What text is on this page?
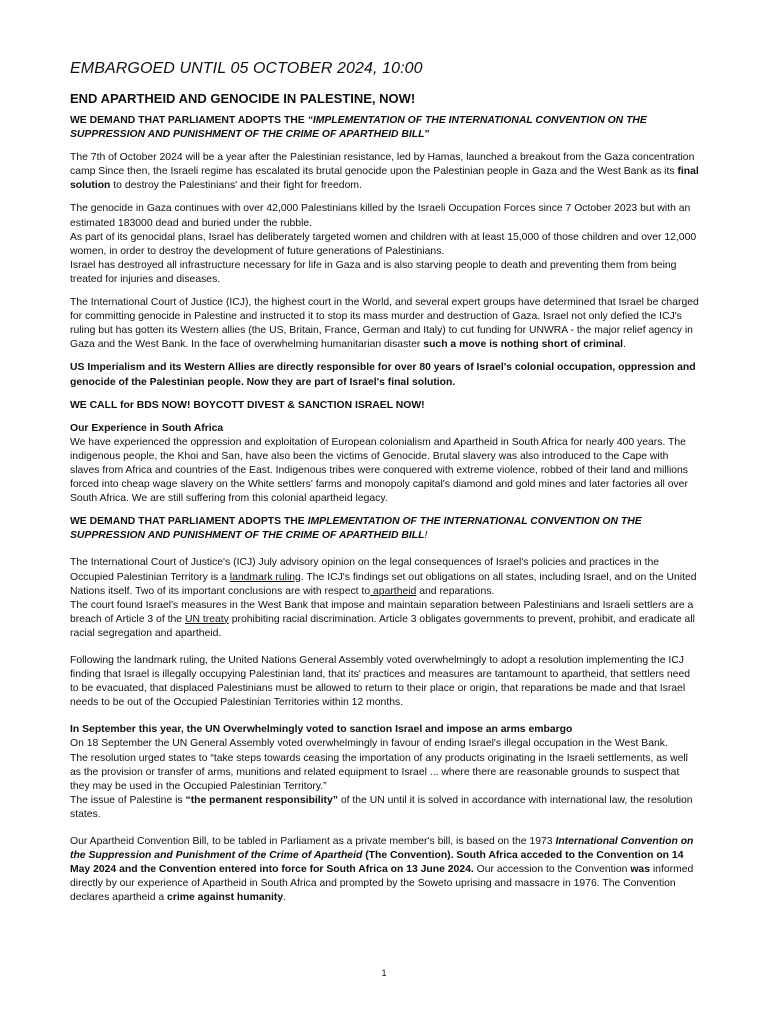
EMBARGOED UNTIL 05 OCTOBER 2024, 10:00
END APARTHEID AND GENOCIDE IN PALESTINE, NOW!

WE DEMAND THAT PARLIAMENT ADOPTS THE “IMPLEMENTATION OF THE INTERNATIONAL CONVENTION ON THE SUPPRESSION AND PUNISHMENT OF THE CRIME OF APARTHEID BILL”

The 7th of October 2024 will be a year after the Palestinian resistance, led by Hamas, launched a breakout from the Gaza concentration camp Since then, the Israeli regime has escalated its brutal genocide upon the Palestinian people in Gaza and the West Bank as its final solution to destroy the Palestinians' and their fight for freedom.

The genocide in Gaza continues with over 42,000 Palestinians killed by the Israeli Occupation Forces since 7 October 2023 but with an estimated 183000 dead and buried under the rubble.
As part of its genocidal plans, Israel has deliberately targeted women and children with at least 15,000 of those children and over 12,000 women, in order to destroy the development of future generations of Palestinians.
Israel has destroyed all infrastructure necessary for life in Gaza and is also starving people to death and preventing them from being treated for injuries and diseases.

The International Court of Justice (ICJ), the highest court in the World, and several expert groups have determined that Israel be charged for committing genocide in Palestine and instructed it to stop its mass murder and destruction of Gaza. Israel not only defied the ICJ's ruling but has gotten its Western allies (the US, Britain, France, German and Italy) to cut funding for UNWRA - the major relief agency in Gaza and the West Bank. In the face of overwhelming humanitarian disaster such a move is nothing short of criminal.

US Imperialism and its Western Allies are directly responsible for over 80 years of Israel's colonial occupation, oppression and genocide of the Palestinian people. Now they are part of Israel's final solution.

WE CALL for BDS NOW! BOYCOTT DIVEST & SANCTION ISRAEL NOW!

Our Experience in South Africa
We have experienced the oppression and exploitation of European colonialism and Apartheid in South Africa for nearly 400 years. The indigenous people, the Khoi and San, have also been the victims of Genocide. Brutal slavery was also introduced to the Cape with slaves from Africa and countries of the East. Indigenous tribes were conquered with extreme violence, robbed of their land and millions forced into cheap wage slavery on the White settlers' farms and monopoly capital's diamond and gold mines and later factories all over South Africa. We are still suffering from this colonial apartheid legacy.

WE DEMAND THAT PARLIAMENT ADOPTS THE IMPLEMENTATION OF THE INTERNATIONAL CONVENTION ON THE SUPPRESSION AND PUNISHMENT OF THE CRIME OF APARTHEID BILL!

The International Court of Justice's (ICJ) July advisory opinion on the legal consequences of Israel's policies and practices in the Occupied Palestinian Territory is a landmark ruling. The ICJ's findings set out obligations on all states, including Israel, and on the United Nations itself. Two of its important conclusions are with respect to apartheid and reparations.
The court found Israel's measures in the West Bank that impose and maintain separation between Palestinians and Israeli settlers are a breach of Article 3 of the UN treaty prohibiting racial discrimination. Article 3 obligates governments to prevent, prohibit, and eradicate all racial segregation and apartheid.

Following the landmark ruling, the United Nations General Assembly voted overwhelmingly to adopt a resolution implementing the ICJ finding that Israel is illegally occupying Palestinian land, that its' practices and measures are tantamount to apartheid, that settlers need to be evacuated, that displaced Palestinians must be allowed to return to their place or origin, that reparations be made and that Israel needs to be out of the Occupied Palestinian Territories within 12 months.

In September this year, the UN Overwhelmingly voted to sanction Israel and impose an arms embargo
On 18 September the UN General Assembly voted overwhelmingly in favour of ending Israel's illegal occupation in the West Bank.
The resolution urged states to “take steps towards ceasing the importation of any products originating in the Israeli settlements, as well as the provision or transfer of arms, munitions and related equipment to Israel ... where there are reasonable grounds to suspect that they may be used in the Occupied Palestinian Territory.”
The issue of Palestine is “the permanent responsibility” of the UN until it is solved in accordance with international law, the resolution states.

Our Apartheid Convention Bill, to be tabled in Parliament as a private member's bill, is based on the 1973 International Convention on the Suppression and Punishment of the Crime of Apartheid (The Convention). South Africa acceded to the Convention on 14 May 2024 and the Convention entered into force for South Africa on 13 June 2024. Our accession to the Convention was informed directly by our experience of Apartheid in South Africa and prompted by the Soweto uprising and massacre in 1976. The Convention declares apartheid a crime against humanity.

1
